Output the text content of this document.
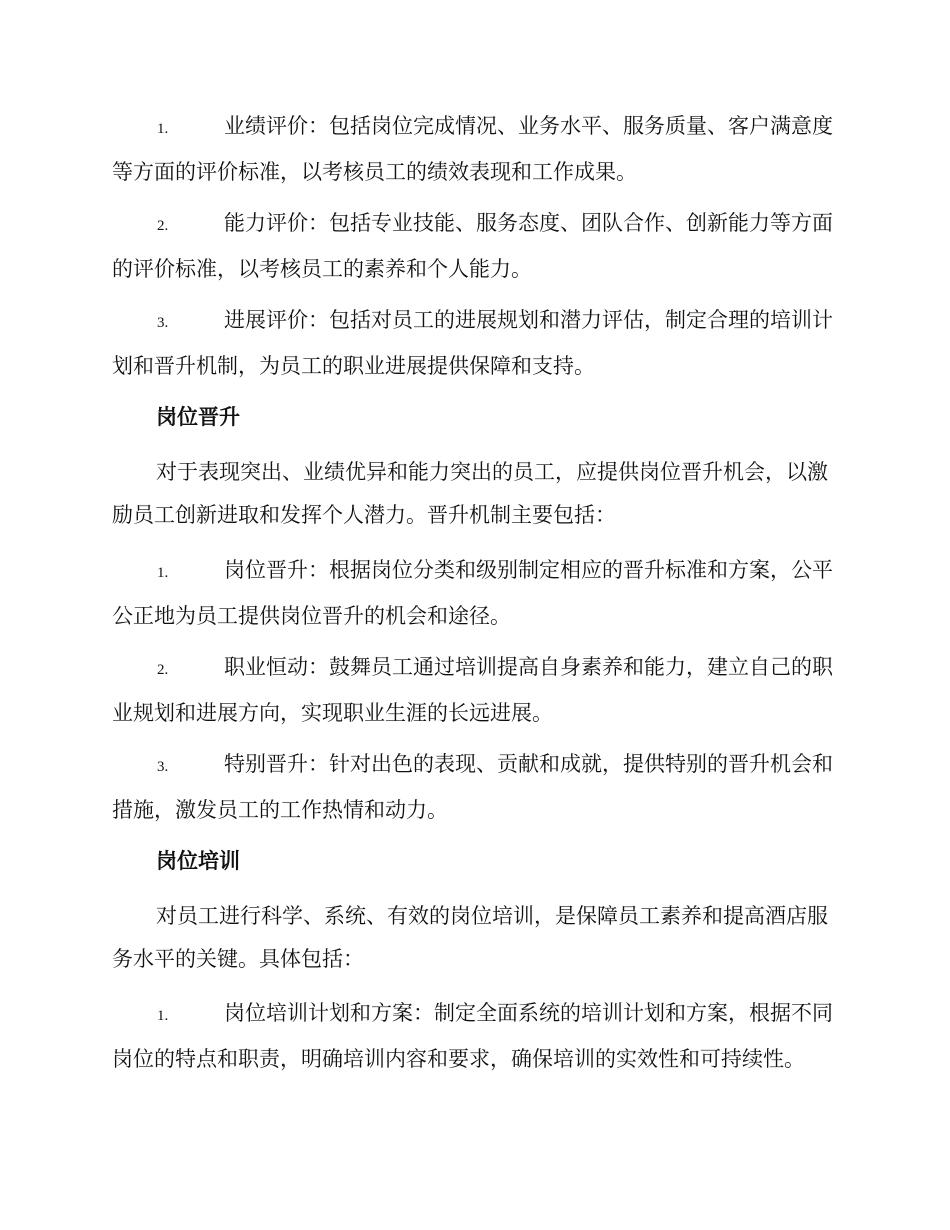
1.	业绩评价：包括岗位完成情况、业务水平、服务质量、客户满意度等方面的评价标准，以考核员工的绩效表现和工作成果。

2.	能力评价：包括专业技能、服务态度、团队合作、创新能力等方面的评价标准，以考核员工的素养和个人能力。

3.	进展评价：包括对员工的进展规划和潜力评估，制定合理的培训计划和晋升机制，为员工的职业进展提供保障和支持。

岗位晋升

对于表现突出、业绩优异和能力突出的员工，应提供岗位晋升机会，以激励员工创新进取和发挥个人潜力。晋升机制主要包括：

1.	岗位晋升：根据岗位分类和级别制定相应的晋升标准和方案，公平公正地为员工提供岗位晋升的机会和途径。

2.	职业恒动：鼓舞员工通过培训提高自身素养和能力，建立自己的职业规划和进展方向，实现职业生涯的长远进展。

3.	特别晋升：针对出色的表现、贡献和成就，提供特别的晋升机会和措施，激发员工的工作热情和动力。

岗位培训

对员工进行科学、系统、有效的岗位培训，是保障员工素养和提高酒店服务水平的关键。具体包括：

1.	岗位培训计划和方案：制定全面系统的培训计划和方案，根据不同岗位的特点和职责，明确培训内容和要求，确保培训的实效性和可持续性。
